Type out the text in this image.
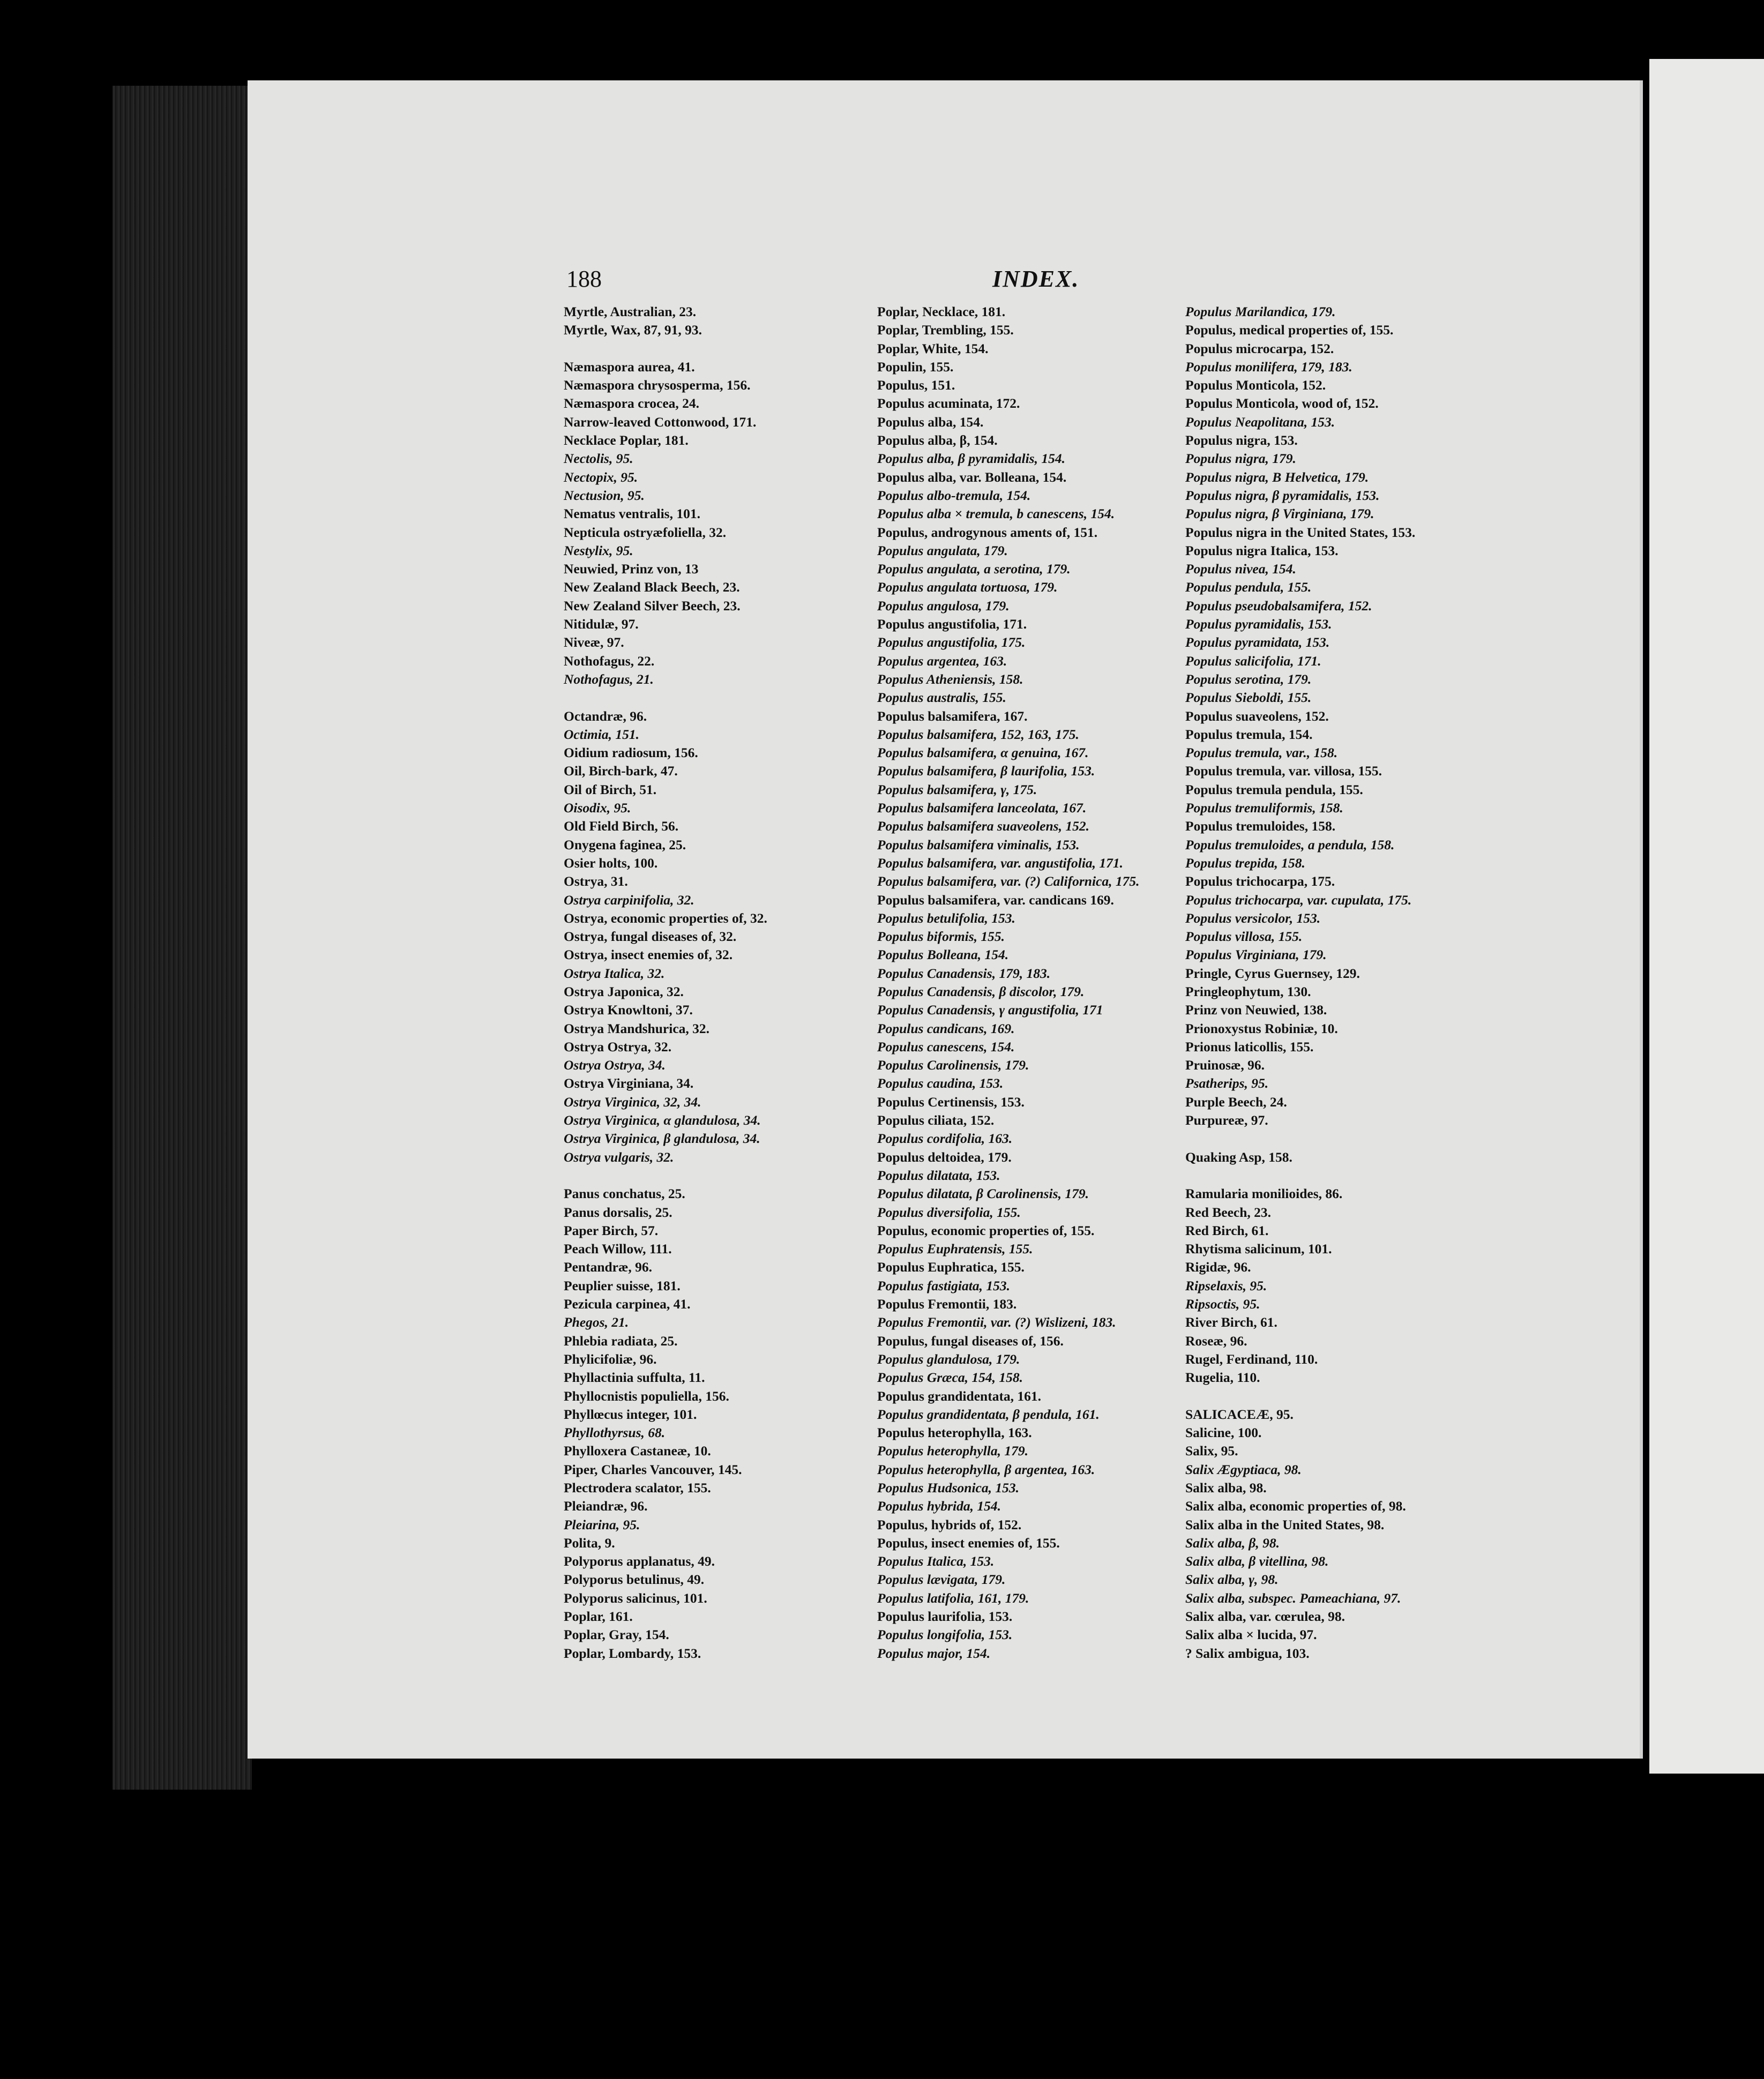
188	INDEX.
Myrtle, Australian, 23.
Myrtle, Wax, 87, 91, 93.
Næmaspora aurea, 41.
Næmaspora chrysosperma, 156.
Næmaspora crocea, 24.
Narrow-leaved Cottonwood, 171.
Necklace Poplar, 181.
Nectolis, 95.
Nectopix, 95.
Nectusion, 95.
Nematus ventralis, 101.
Nepticula ostryæfoliella, 32.
Nestylix, 95.
Neuwied, Prinz von, 13
New Zealand Black Beech, 23.
New Zealand Silver Beech, 23.
Nitidulæ, 97.
Niveæ, 97.
Nothofagus, 22.
Nothofagus, 21.
Octandræ, 96.
Octimia, 151.
Oidium radiosum, 156.
Oil, Birch-bark, 47.
Oil of Birch, 51.
Oisodix, 95.
Old Field Birch, 56.
Onygena faginea, 25.
Osier holts, 100.
Ostrya, 31.
Ostrya carpinifolia, 32.
Ostrya, economic properties of, 32.
Ostrya, fungal diseases of, 32.
Ostrya, insect enemies of, 32.
Ostrya Italica, 32.
Ostrya Japonica, 32.
Ostrya Knowltoni, 37.
Ostrya Mandshurica, 32.
Ostrya Ostrya, 32.
Ostrya Ostrya, 34.
Ostrya Virginiana, 34.
Ostrya Virginica, 32, 34.
Ostrya Virginica, α glandulosa, 34.
Ostrya Virginica, β glandulosa, 34.
Ostrya vulgaris, 32.
Panus conchatus, 25.
Panus dorsalis, 25.
Paper Birch, 57.
Peach Willow, 111.
Pentandræ, 96.
Peuplier suisse, 181.
Peziculа carpinea, 41.
Phegos, 21.
Phlebia radiata, 25.
Phylicifoliæ, 96.
Phyllactinia suffulta, 11.
Phyllocnistis populiella, 156.
Phyllœcus integer, 101.
Phyllothyrsus, 68.
Phylloxera Castaneæ, 10.
Piper, Charles Vancouver, 145.
Plectrodera scalator, 155.
Pleiandræ, 96.
Pleiarina, 95.
Polita, 9.
Polyporus applanatus, 49.
Polyporus betulinus, 49.
Polyporus salicinus, 101.
Poplar, 161.
Poplar, Gray, 154.
Poplar, Lombardy, 153.
Poplar, Necklace, 181.
Poplar, Trembling, 155.
Poplar, White, 154.
Populin, 155.
Populus, 151.
Populus acuminata, 172.
Populus alba, 154.
Populus alba, β, 154.
Populus alba, β pyramidalis, 154.
Populus alba, var. Bolleana, 154.
Populus albo-tremula, 154.
Populus alba × tremula, b canescens, 154.
Populus, androgynous aments of, 151.
Populus angulata, 179.
Populus angulata, a serotina, 179.
Populus angulata tortuosa, 179.
Populus angulosa, 179.
Populus angustifolia, 171.
Populus angustifolia, 175.
Populus argentea, 163.
Populus Atheniensis, 158.
Populus australis, 155.
Populus balsamifera, 167.
Populus balsamifera, 152, 163, 175.
Populus balsamifera, α genuina, 167.
Populus balsamifera, β laurifolia, 153.
Populus balsamifera, γ, 175.
Populus balsamifera lanceolata, 167.
Populus balsamifera suaveolens, 152.
Populus balsamifera viminalis, 153.
Populus balsamifera, var. angustifolia, 171.
Populus balsamifera, var. (?) Californica, 175.
Populus balsamifera, var. candicans 169.
Populus betulifolia, 153.
Populus biformis, 155.
Populus Bolleana, 154.
Populus Canadensis, 179, 183.
Populus Canadensis, β discolor, 179.
Populus Canadensis, γ angustifolia, 171
Populus candicans, 169.
Populus canescens, 154.
Populus Carolinensis, 179.
Populus caudina, 153.
Populus Certinensis, 153.
Populus ciliata, 152.
Populus cordifolia, 163.
Populus deltoidea, 179.
Populus dilatata, 153.
Populus dilatata, β Carolinensis, 179.
Populus diversifolia, 155.
Populus, economic properties of, 155.
Populus Euphratensis, 155.
Populus Euphratica, 155.
Populus fastigiata, 153.
Populus Fremontii, 183.
Populus Fremontii, var. (?) Wislizeni, 183.
Populus, fungal diseases of, 156.
Populus glandulosa, 179.
Populus Græca, 154, 158.
Populus grandidentata, 161.
Populus grandidentata, β pendula, 161.
Populus heterophylla, 163.
Populus heterophylla, 179.
Populus heterophylla, β argentea, 163.
Populus Hudsonica, 153.
Populus hybrida, 154.
Populus, hybrids of, 152.
Populus, insect enemies of, 155.
Populus Italica, 153.
Populus lævigata, 179.
Populus latifolia, 161, 179.
Populus laurifolia, 153.
Populus longifolia, 153.
Populus major, 154.
Populus Marilandica, 179.
Populus, medical properties of, 155.
Populus microcarpa, 152.
Populus monilifera, 179, 183.
Populus Monticola, 152.
Populus Monticola, wood of, 152.
Populus Neapolitana, 153.
Populus nigra, 153.
Populus nigra, 179.
Populus nigra, B Helvetica, 179.
Populus nigra, β pyramidalis, 153.
Populus nigra, β Virginiana, 179.
Populus nigra in the United States, 153.
Populus nigra Italica, 153.
Populus nivea, 154.
Populus pendula, 155.
Populus pseudobalsamifera, 152.
Populus pyramidalis, 153.
Populus pyramidata, 153.
Populus salicifolia, 171.
Populus serotina, 179.
Populus Sieboldi, 155.
Populus suaveolens, 152.
Populus tremula, 154.
Populus tremula, var., 158.
Populus tremula, var. villosa, 155.
Populus tremula pendula, 155.
Populus tremuliformis, 158.
Populus tremuloides, 158.
Populus tremuloides, a pendula, 158.
Populus trepida, 158.
Populus trichocarpa, 175.
Populus trichocarpa, var. cupulata, 175.
Populus versicolor, 153.
Populus villosa, 155.
Populus Virginiana, 179.
Pringle, Cyrus Guernsey, 129.
Pringleophytum, 130.
Prinz von Neuwied, 138.
Prionoxystus Robiniæ, 10.
Prionus laticollis, 155.
Pruinosæ, 96.
Psatherips, 95.
Purple Beech, 24.
Purpureæ, 97.
Quaking Asp, 158.
Ramularia monilioides, 86.
Red Beech, 23.
Red Birch, 61.
Rhytisma salicinum, 101.
Rigidæ, 96.
Ripselaxis, 95.
Ripsoctis, 95.
River Birch, 61.
Roseæ, 96.
Rugel, Ferdinand, 110.
Rugelia, 110.
SALICACEÆ, 95.
Salicine, 100.
Salix, 95.
Salix Ægyptiaca, 98.
Salix alba, 98.
Salix alba, economic properties of, 98.
Salix alba in the United States, 98.
Salix alba, β, 98.
Salix alba, β vitellina, 98.
Salix alba, γ, 98.
Salix alba, subspec. Pameachiana, 97.
Salix alba, var. cœrulea, 98.
Salix alba × lucida, 97.
? Salix ambigua, 103.
